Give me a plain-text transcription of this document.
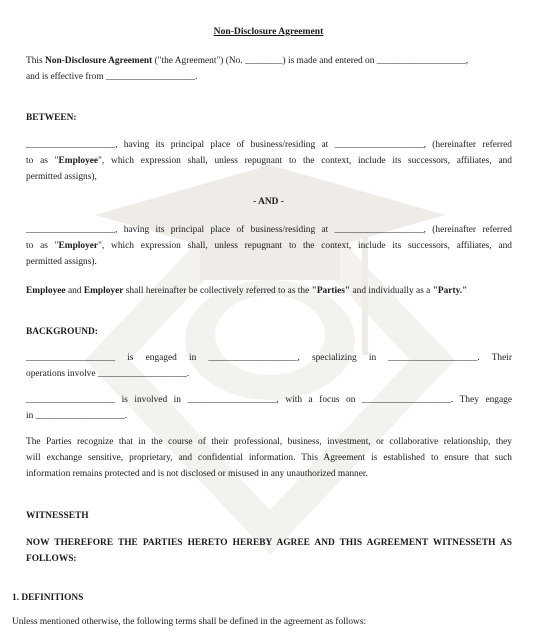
Non-Disclosure Agreement
This Non-Disclosure Agreement ("the Agreement") (No. ________) is made and entered on ___________________,
and is effective from ___________________.
BETWEEN:
___________________, having its principal place of business/residing at ___________________, (hereinafter referred
to as "Employee", which expression shall, unless repugnant to the context, include its successors, affiliates, and
permitted assigns),
- AND -
___________________, having its principal place of business/residing at ___________________, (hereinafter referred
to as "Employer", which expression shall, unless repugnant to the context, include its successors, affiliates, and
permitted assigns).
Employee and Employer shall hereinafter be collectively referred to as the "Parties" and individually as a "Party."
BACKGROUND:
___________________ is engaged in ___________________, specializing in ___________________. Their
operations involve ___________________.
___________________ is involved in ___________________, with a focus on ___________________. They engage
in ___________________.
The Parties recognize that in the course of their professional, business, investment, or collaborative relationship, they
will exchange sensitive, proprietary, and confidential information. This Agreement is established to ensure that such
information remains protected and is not disclosed or misused in any unauthorized manner.
WITNESSETH
NOW THEREFORE THE PARTIES HERETO HEREBY AGREE AND THIS AGREEMENT WITNESSETH AS
FOLLOWS:
1. DEFINITIONS
Unless mentioned otherwise, the following terms shall be defined in the agreement as follows:
